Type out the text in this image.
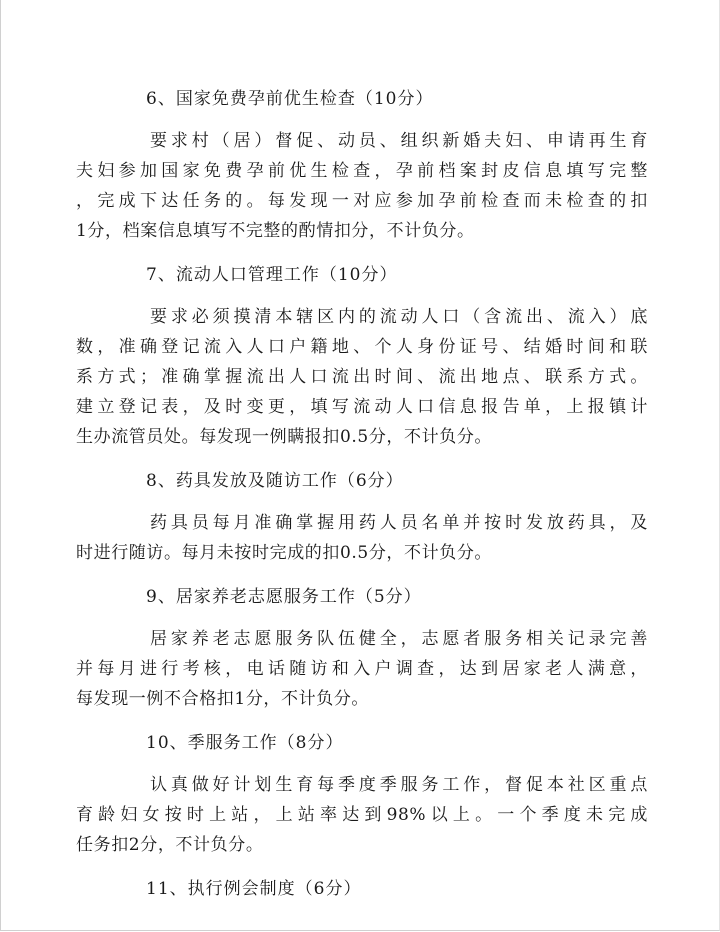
6、国家免费孕前优生检查（10分）

要求村（居）督促、动员、组织新婚夫妇、申请再生育
夫妇参加国家免费孕前优生检查，孕前档案封皮信息填写完整
，完成下达任务的。每发现一对应参加孕前检查而未检查的扣
1分，档案信息填写不完整的酌情扣分，不计负分。

7、流动人口管理工作（10分）

要求必须摸清本辖区内的流动人口（含流出、流入）底
数，准确登记流入人口户籍地、个人身份证号、结婚时间和联
系方式；准确掌握流出人口流出时间、流出地点、联系方式。
建立登记表，及时变更，填写流动人口信息报告单，上报镇计
生办流管员处。每发现一例瞒报扣0.5分，不计负分。

8、药具发放及随访工作（6分）

药具员每月准确掌握用药人员名单并按时发放药具，及
时进行随访。每月未按时完成的扣0.5分，不计负分。

9、居家养老志愿服务工作（5分）

居家养老志愿服务队伍健全，志愿者服务相关记录完善
并每月进行考核，电话随访和入户调查，达到居家老人满意，
每发现一例不合格扣1分，不计负分。

10、季服务工作（8分）

认真做好计划生育每季度季服务工作，督促本社区重点
育龄妇女按时上站，上站率达到98%以上。一个季度未完成
任务扣2分，不计负分。

11、执行例会制度（6分）
